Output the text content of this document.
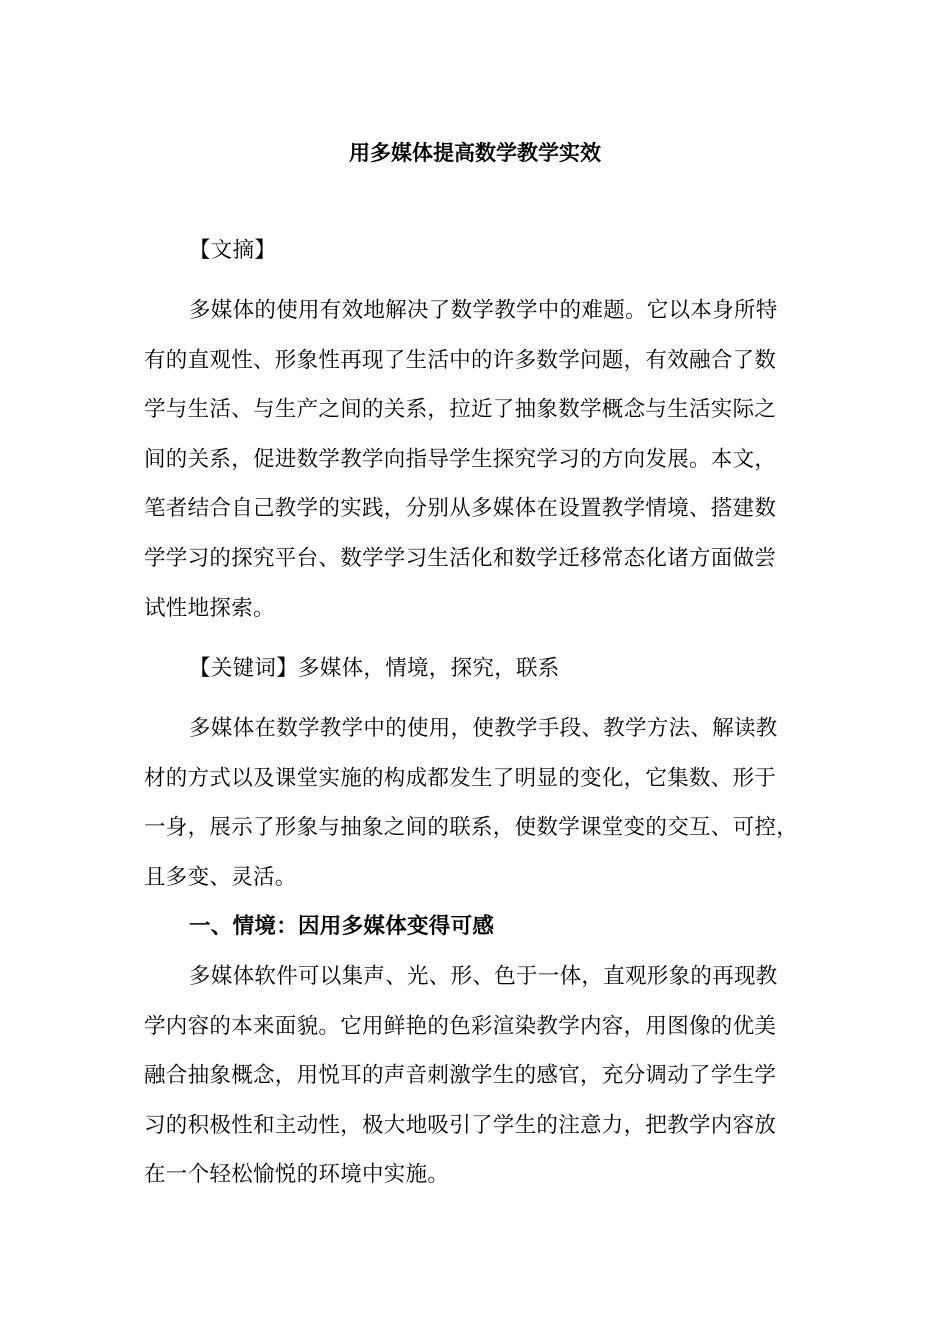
用多媒体提高数学教学实效
【文摘】
多媒体的使用有效地解决了数学教学中的难题。它以本身所特
有的直观性、形象性再现了生活中的许多数学问题，有效融合了数
学与生活、与生产之间的关系，拉近了抽象数学概念与生活实际之
间的关系，促进数学教学向指导学生探究学习的方向发展。本文，
笔者结合自己教学的实践，分别从多媒体在设置教学情境、搭建数
学学习的探究平台、数学学习生活化和数学迁移常态化诸方面做尝
试性地探索。
【关键词】多媒体，情境，探究，联系
多媒体在数学教学中的使用，使教学手段、教学方法、解读教
材的方式以及课堂实施的构成都发生了明显的变化，它集数、形于
一身，展示了形象与抽象之间的联系，使数学课堂变的交互、可控，
且多变、灵活。
一、情境：因用多媒体变得可感
多媒体软件可以集声、光、形、色于一体，直观形象的再现教
学内容的本来面貌。它用鲜艳的色彩渲染教学内容，用图像的优美
融合抽象概念，用悦耳的声音刺激学生的感官，充分调动了学生学
习的积极性和主动性，极大地吸引了学生的注意力，把教学内容放
在一个轻松愉悦的环境中实施。
